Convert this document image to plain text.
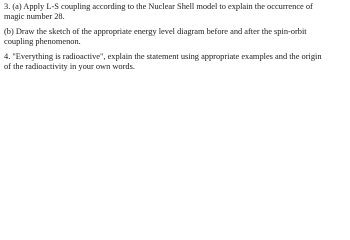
3. (a) Apply L-S coupling according to the Nuclear Shell model to explain the occurrence of
magic number 28.
(b) Draw the sketch of the appropriate energy level diagram before and after the spin-orbit
coupling phenomenon.
4. "Everything is radioactive", explain the statement using appropriate examples and the origin
of the radioactivity in your own words.
